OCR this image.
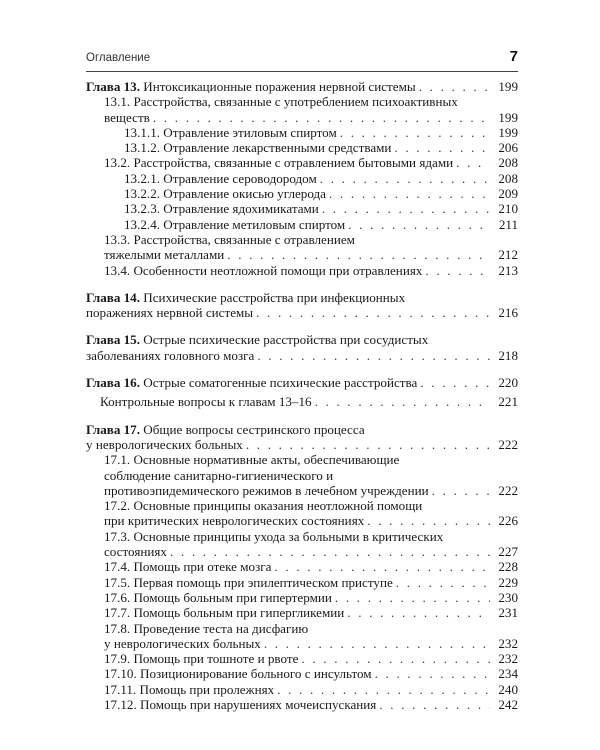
Оглавление	7
Глава 13. Интоксикационные поражения нервной системы . . .	199
13.1. Расстройства, связанные с употреблением психоактивных
веществ . . .	199
13.1.1. Отравление этиловым спиртом . . .	199
13.1.2. Отравление лекарственными средствами . . .	206
13.2. Расстройства, связанные с отравлением бытовыми ядами . . .	208
13.2.1. Отравление сероводородом . . .	208
13.2.2. Отравление окисью углерода . . .	209
13.2.3. Отравление ядохимикатами . . .	210
13.2.4. Отравление метиловым спиртом . . .	211
13.3. Расстройства, связанные с отравлением
тяжелыми металлами . . .	212
13.4. Особенности неотложной помощи при отравлениях . . .	213
Глава 14. Психические расстройства при инфекционных
поражениях нервной системы . . .	216
Глава 15. Острые психические расстройства при сосудистых
заболеваниях головного мозга . . .	218
Глава 16. Острые соматогенные психические расстройства . . .	220
Контрольные вопросы к главам 13–16 . . .	221
Глава 17. Общие вопросы сестринского процесса
у неврологических больных . . .	222
17.1. Основные нормативные акты, обеспечивающие
соблюдение санитарно-гигиенического и
противоэпидемического режимов в лечебном учреждении . . .	222
17.2. Основные принципы оказания неотложной помощи
при критических неврологических состояниях . . .	226
17.3. Основные принципы ухода за больными в критических
состояниях . . .	227
17.4. Помощь при отеке мозга . . .	228
17.5. Первая помощь при эпилептическом приступе . . .	229
17.6. Помощь больным при гипертермии . . .	230
17.7. Помощь больным при гипергликемии . . .	231
17.8. Проведение теста на дисфагию
у неврологических больных . . .	232
17.9. Помощь при тошноте и рвоте . . .	232
17.10. Позиционирование больного с инсультом . . .	234
17.11. Помощь при пролежнях . . .	240
17.12. Помощь при нарушениях мочеиспускания . . .	242
